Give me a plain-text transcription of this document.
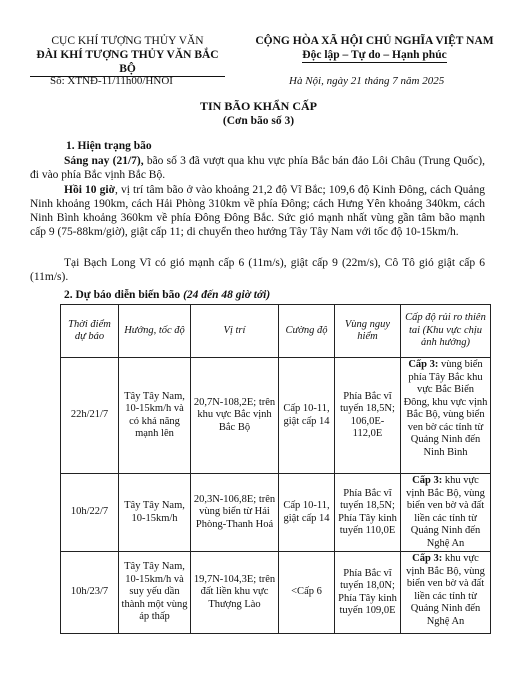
CỤC KHÍ TƯỢNG THỦY VĂN
ĐÀI KHÍ TƯỢNG THỦY VĂN BẮC BỘ
CỘNG HÒA XÃ HỘI CHỦ NGHĨA VIỆT NAM
Độc lập – Tự do – Hạnh phúc
Số: XTNĐ-11/11h00/HNOI	Hà Nội, ngày 21 tháng 7 năm 2025
TIN BÃO KHẨN CẤP
(Cơn bão số 3)
1. Hiện trạng bão
Sáng nay (21/7), bão số 3 đã vượt qua khu vực phía Bắc bán đảo Lôi Châu (Trung Quốc), đi vào phía Bắc vịnh Bắc Bộ.
Hồi 10 giờ, vị trí tâm bão ở vào khoảng 21,2 độ Vĩ Bắc; 109,6 độ Kinh Đông, cách Quảng Ninh khoảng 190km, cách Hải Phòng 310km về phía Đông; cách Hưng Yên khoảng 340km, cách Ninh Bình khoảng 360km về phía Đông Đông Bắc. Sức gió mạnh nhất vùng gần tâm bão mạnh cấp 9 (75-88km/giờ), giật cấp 11; di chuyển theo hướng Tây Tây Nam với tốc độ 10-15km/h.
Tại Bạch Long Vĩ có gió mạnh cấp 6 (11m/s), giật cấp 9 (22m/s), Cô Tô gió giật cấp 6 (11m/s).
2. Dự báo diễn biến bão (24 đến 48 giờ tới)
Thời điểm dự báo	Hướng, tốc độ	Vị trí	Cường độ	Vùng nguy hiểm	Cấp độ rủi ro thiên tai (Khu vực chịu ảnh hưởng)
22h/21/7	Tây Tây Nam, 10-15km/h và có khả năng mạnh lên	20,7N-108,2E; trên khu vực Bắc vịnh Bắc Bộ	Cấp 10-11, giật cấp 14	Phía Bắc vĩ tuyến 18,5N; 106,0E-112,0E	Cấp 3: vùng biển phía Tây Bắc khu vực Bắc Biển Đông, khu vực vịnh Bắc Bộ, vùng biển ven bờ các tỉnh từ Quảng Ninh đến Ninh Bình
10h/22/7	Tây Tây Nam, 10-15km/h	20,3N-106,8E; trên vùng biển từ Hải Phòng-Thanh Hoá	Cấp 10-11, giật cấp 14	Phía Bắc vĩ tuyến 18,5N; Phía Tây kinh tuyến 110,0E	Cấp 3: khu vực vịnh Bắc Bộ, vùng biển ven bờ và đất liền các tỉnh từ Quảng Ninh đến Nghệ An
10h/23/7	Tây Tây Nam, 10-15km/h và suy yếu dần thành một vùng áp thấp	19,7N-104,3E; trên đất liền khu vực Thượng Lào	<Cấp 6	Phía Bắc vĩ tuyến 18,0N; Phía Tây kinh tuyến 109,0E	Cấp 3: khu vực vịnh Bắc Bộ, vùng biển ven bờ và đất liền các tỉnh từ Quảng Ninh đến Nghệ An
